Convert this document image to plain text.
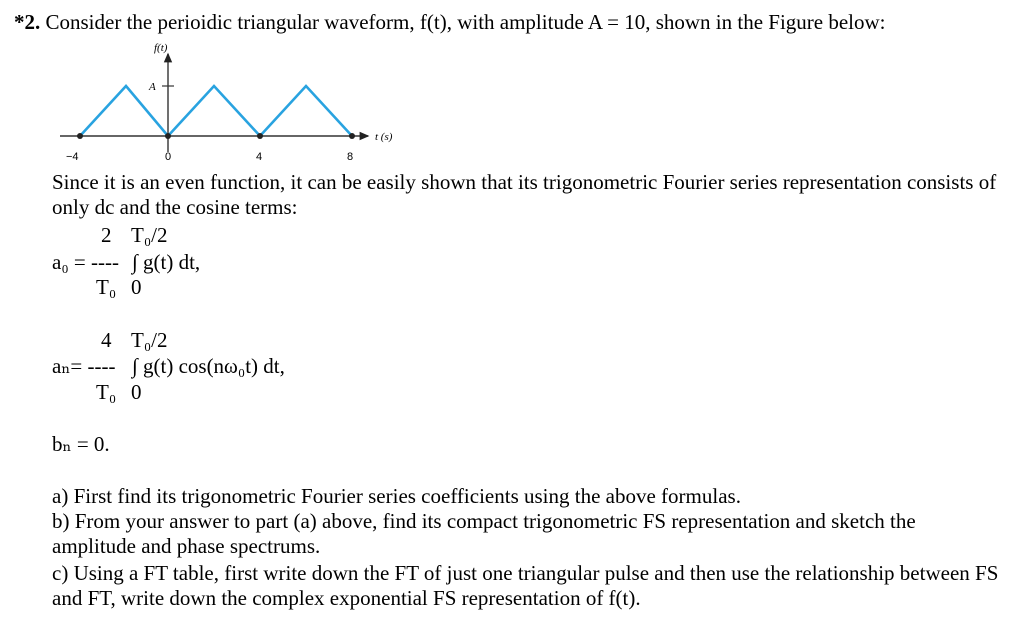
*2. Consider the perioidic triangular waveform, f(t), with amplitude A = 10, shown in the Figure below:
f(t)
A
t (s)
−4	0	4	8
Since it is an even function, it can be easily shown that its trigonometric Fourier series representation consists of only dc and the cosine terms:
2 T₀/2
a₀ = ---- ∫ g(t) dt,
T₀ 0
4 T₀/2
aₙ= ---- ∫ g(t) cos(nω₀t) dt,
T₀ 0
bₙ = 0.
a) First find its trigonometric Fourier series coefficients using the above formulas.
b) From your answer to part (a) above, find its compact trigonometric FS representation and sketch the amplitude and phase spectrums.
c) Using a FT table, first write down the FT of just one triangular pulse and then use the relationship between FS and FT, write down the complex exponential FS representation of f(t).
